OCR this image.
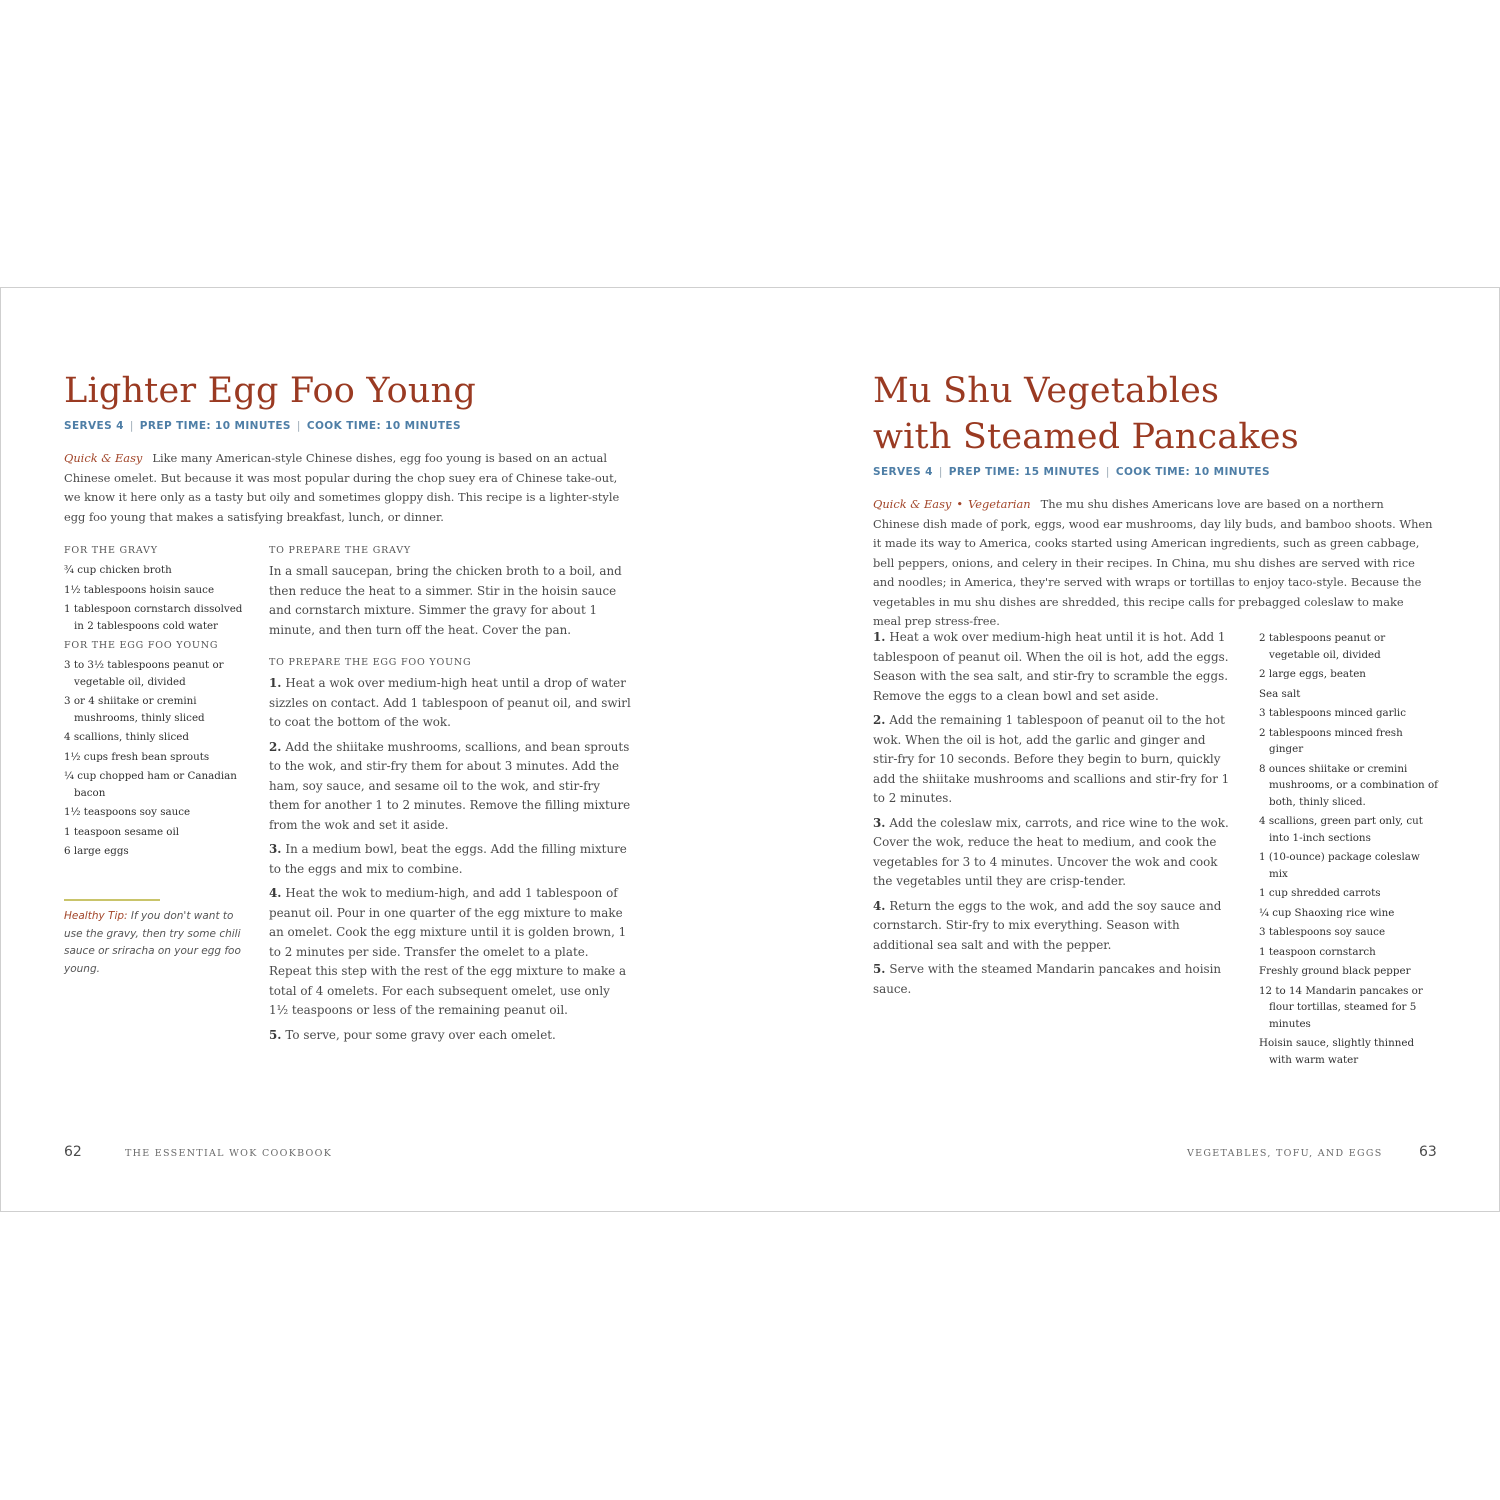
Lighter Egg Foo Young
SERVES 4 | PREP TIME: 10 MINUTES | COOK TIME: 10 MINUTES

Quick & Easy Like many American-style Chinese dishes, egg foo young is based on an actual Chinese omelet. But because it was most popular during the chop suey era of Chinese take-out, we know it here only as a tasty but oily and sometimes gloppy dish. This recipe is a lighter-style egg foo young that makes a satisfying breakfast, lunch, or dinner.

FOR THE GRAVY
¾ cup chicken broth
1½ tablespoons hoisin sauce
1 tablespoon cornstarch dissolved in 2 tablespoons cold water
FOR THE EGG FOO YOUNG
3 to 3½ tablespoons peanut or vegetable oil, divided
3 or 4 shiitake or cremini mushrooms, thinly sliced
4 scallions, thinly sliced
1½ cups fresh bean sprouts
¼ cup chopped ham or Canadian bacon
1½ teaspoons soy sauce
1 teaspoon sesame oil
6 large eggs

Healthy Tip: If you don't want to use the gravy, then try some chili sauce or sriracha on your egg foo young.

TO PREPARE THE GRAVY

In a small saucepan, bring the chicken broth to a boil, and then reduce the heat to a simmer. Stir in the hoisin sauce and cornstarch mixture. Simmer the gravy for about 1 minute, and then turn off the heat. Cover the pan.

TO PREPARE THE EGG FOO YOUNG
1. Heat a wok over medium-high heat until a drop of water sizzles on contact. Add 1 tablespoon of peanut oil, and swirl to coat the bottom of the wok.
2. Add the shiitake mushrooms, scallions, and bean sprouts to the wok, and stir-fry them for about 3 minutes. Add the ham, soy sauce, and sesame oil to the wok, and stir-fry them for another 1 to 2 minutes. Remove the filling mixture from the wok and set it aside.
3. In a medium bowl, beat the eggs. Add the filling mixture to the eggs and mix to combine.
4. Heat the wok to medium-high, and add 1 tablespoon of peanut oil. Pour in one quarter of the egg mixture to make an omelet. Cook the egg mixture until it is golden brown, 1 to 2 minutes per side. Transfer the omelet to a plate. Repeat this step with the rest of the egg mixture to make a total of 4 omelets. For each subsequent omelet, use only 1½ teaspoons or less of the remaining peanut oil.
5. To serve, pour some gravy over each omelet.
62	THE ESSENTIAL WOK COOKBOOK
Mu Shu Vegetables
with Steamed Pancakes
SERVES 4 | PREP TIME: 15 MINUTES | COOK TIME: 10 MINUTES

Quick & Easy • Vegetarian The mu shu dishes Americans love are based on a northern Chinese dish made of pork, eggs, wood ear mushrooms, day lily buds, and bamboo shoots. When it made its way to America, cooks started using American ingredients, such as green cabbage, bell peppers, onions, and celery in their recipes. In China, mu shu dishes are served with rice and noodles; in America, they're served with wraps or tortillas to enjoy taco-style. Because the vegetables in mu shu dishes are shredded, this recipe calls for prebagged coleslaw to make meal prep stress-free.

1. Heat a wok over medium-high heat until it is hot. Add 1 tablespoon of peanut oil. When the oil is hot, add the eggs. Season with the sea salt, and stir-fry to scramble the eggs. Remove the eggs to a clean bowl and set aside.
2. Add the remaining 1 tablespoon of peanut oil to the hot wok. When the oil is hot, add the garlic and ginger and stir-fry for 10 seconds. Before they begin to burn, quickly add the shiitake mushrooms and scallions and stir-fry for 1 to 2 minutes.
3. Add the coleslaw mix, carrots, and rice wine to the wok. Cover the wok, reduce the heat to medium, and cook the vegetables for 3 to 4 minutes. Uncover the wok and cook the vegetables until they are crisp-tender.
4. Return the eggs to the wok, and add the soy sauce and cornstarch. Stir-fry to mix everything. Season with additional sea salt and with the pepper.
5. Serve with the steamed Mandarin pancakes and hoisin sauce.
2 tablespoons peanut or vegetable oil, divided
2 large eggs, beaten
Sea salt
3 tablespoons minced garlic
2 tablespoons minced fresh ginger
8 ounces shiitake or cremini mushrooms, or a combination of both, thinly sliced.
4 scallions, green part only, cut into 1-inch sections
1 (10-ounce) package coleslaw mix
1 cup shredded carrots
¼ cup Shaoxing rice wine
3 tablespoons soy sauce
1 teaspoon cornstarch
Freshly ground black pepper
12 to 14 Mandarin pancakes or flour tortillas, steamed for 5 minutes
Hoisin sauce, slightly thinned with warm water
VEGETABLES, TOFU, AND EGGS	63
